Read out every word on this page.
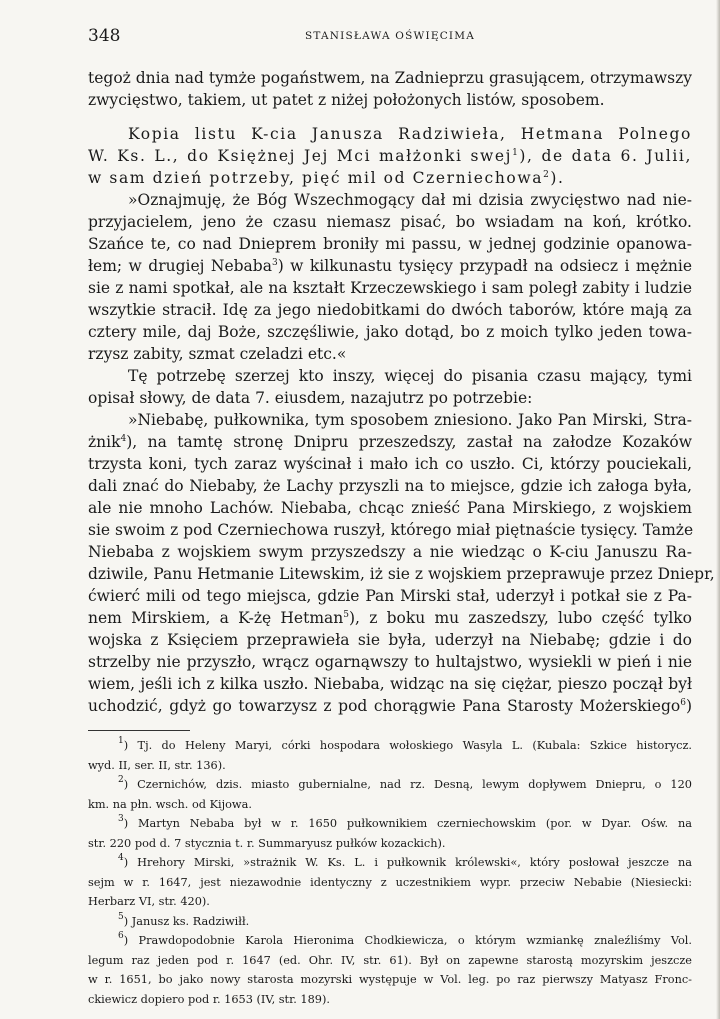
348	STANISŁAWA OŚWIĘCIMA

tegoż dnia nad tymże pogaństwem, na Zadnieprzu grasującem, otrzymawszy
zwycięstwo, takiem, ut patet z niżej położonych listów, sposobem.

Kopia listu K-cia Janusza Radziwieła, Hetmana Polnego
W. Ks. L., do Księżnej Jej Mci małżonki swej$^1$), de data 6. Julii,
w sam dzień potrzeby, pięć mil od Czerniechowa$^2$).

»Oznajmuję, że Bóg Wszechmogący dał mi dzisia zwycięstwo nad nie-
przyjacielem, jeno że czasu niemasz pisać, bo wsiadam na koń, krótko.
Szańce te, co nad Dnieprem broniły mi passu, w jednej godzinie opanowa-
łem; w drugiej Nebaba$^3$) w kilkunastu tysięcy przypadł na odsiecz i mężnie
sie z nami spotkał, ale na kształt Krzeczewskiego i sam poległ zabity i ludzie
wszytkie stracił. Idę za jego niedobitkami do dwóch taborów, które mają za
cztery mile, daj Boże, szczęśliwie, jako dotąd, bo z moich tylko jeden towa-
rzysz zabity, szmat czeladzi etc.«

Tę potrzebę szerzej kto inszy, więcej do pisania czasu mający, tymi
opisał słowy, de data 7. eiusdem, nazajutrz po potrzebie:

»Niebabę, pułkownika, tym sposobem zniesiono. Jako Pan Mirski, Stra-
żnik$^4$), na tamtę stronę Dnipru przeszedszy, zastał na załodze Kozaków
trzysta koni, tych zaraz wyścinał i mało ich co uszło. Ci, którzy pouciekali,
dali znać do Niebaby, że Lachy przyszli na to miejsce, gdzie ich załoga była,
ale nie mnoho Lachów. Niebaba, chcąc znieść Pana Mirskiego, z wojskiem
sie swoim z pod Czerniechowa ruszył, którego miał piętnaście tysięcy. Tamże
Niebaba z wojskiem swym przyszedszy a nie wiedząc o K-ciu Januszu Ra-
dziwile, Panu Hetmanie Litewskim, iż sie z wojskiem przeprawuje przez Dniepr,
ćwierć mili od tego miejsca, gdzie Pan Mirski stał, uderzył i potkał sie z Pa-
nem Mirskiem, a K-żę Hetman$^5$), z boku mu zaszedszy, lubo część tylko
wojska z Księciem przeprawieła sie była, uderzył na Niebabę; gdzie i do
strzelby nie przyszło, wrącz ogarnąwszy to hultajstwo, wysiekli w pień i nie
wiem, jeśli ich z kilka uszło. Niebaba, widząc na się ciężar, pieszo począł był
uchodzić, gdyż go towarzysz z pod chorągwie Pana Starosty Możerskiego$^6$)

$^1$) Tj. do Heleny Maryi, córki hospodara wołoskiego Wasyla L. (Kubala: Szkice historycz.
wyd. II, ser. II, str. 136).
$^2$) Czernichów, dzis. miasto gubernialne, nad rz. Desną, lewym dopływem Dniepru, o 120
km. na płn. wsch. od Kijowa.
$^3$) Martyn Nebaba był w r. 1650 pułkownikiem czerniechowskim (por. w Dyar. Ośw. na
str. 220 pod d. 7 stycznia t. r. Summaryusz pułków kozackich).
$^4$) Hrehory Mirski, »strażnik W. Ks. L. i pułkownik królewski«, który posłował jeszcze na
sejm w r. 1647, jest niezawodnie identyczny z uczestnikiem wypr. przeciw Nebabie (Niesiecki:
Herbarz VI, str. 420).
$^5$) Janusz ks. Radziwiłł.
$^6$) Prawdopodobnie Karola Hieronima Chodkiewicza, o którym wzmiankę znaleźliśmy Vol.
legum raz jeden pod r. 1647 (ed. Ohr. IV, str. 61). Był on zapewne starostą mozyrskim jeszcze
w r. 1651, bo jako nowy starosta mozyrski występuje w Vol. leg. po raz pierwszy Matyasz Fronc-
ckiewicz dopiero pod r. 1653 (IV, str. 189).
